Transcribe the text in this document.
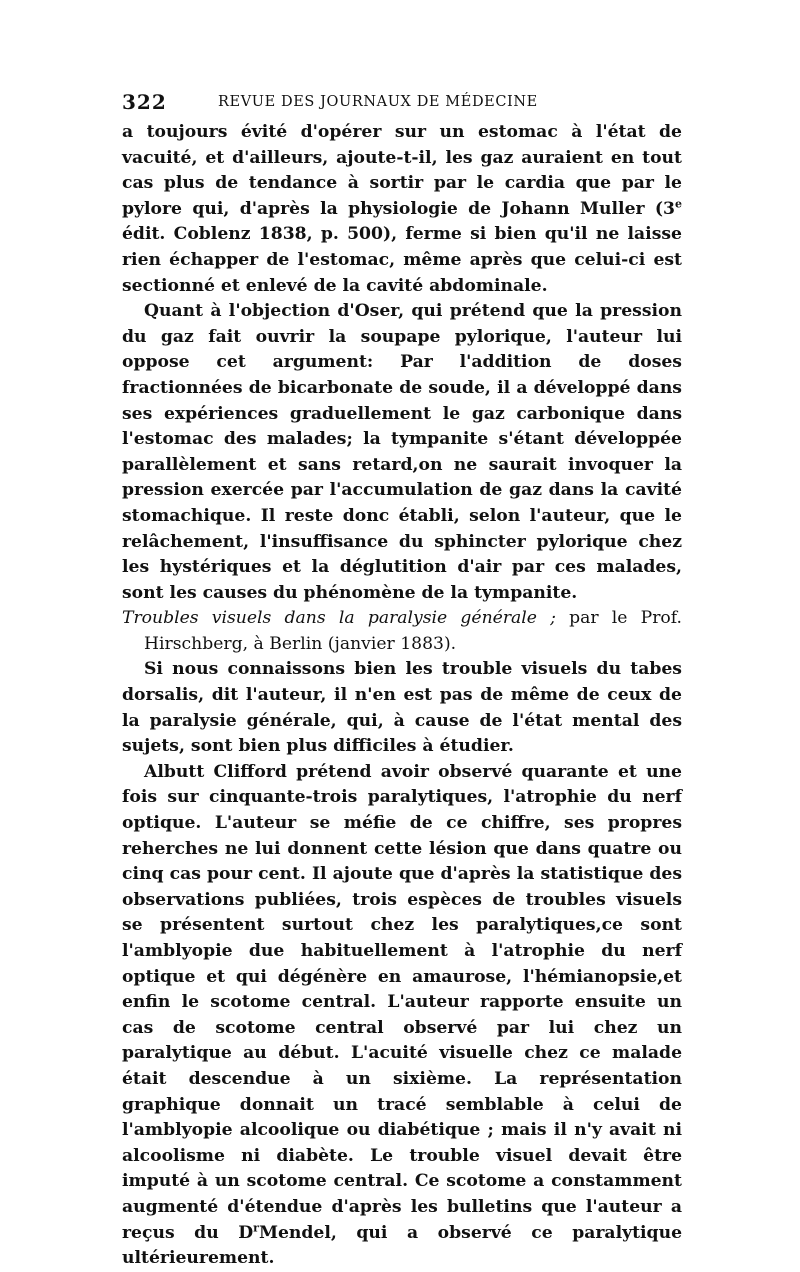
322	REVUE DES JOURNAUX DE MÉDECINE

a toujours évité d'opérer sur un estomac à l'état de vacuité, et d'ailleurs, ajoute-t-il, les gaz auraient en tout cas plus de tendance à sortir par le cardia que par le pylore qui, d'après la physiologie de Johann Muller (3e édit. Coblenz 1838, p. 500), ferme si bien qu'il ne laisse rien échapper de l'estomac, même après que celui-ci est sectionné et enlevé de la cavité abdominale.

Quant à l'objection d'Oser, qui prétend que la pression du gaz fait ouvrir la soupape pylorique, l'auteur lui oppose cet argument: Par l'addition de doses fractionnées de bicarbonate de soude, il a développé dans ses expériences graduellement le gaz carbonique dans l'estomac des malades; la tympanite s'étant développée parallèlement et sans retard,on ne saurait invoquer la pression exercée par l'accumulation de gaz dans la cavité stomachique. Il reste donc établi, selon l'auteur, que le relâchement, l'insuffisance du sphincter pylorique chez les hystériques et la déglutition d'air par ces malades, sont les causes du phénomène de la tympanite.

Troubles visuels dans la paralysie générale ; par le Prof. Hirschberg, à Berlin (janvier 1883).

Si nous connaissons bien les trouble visuels du tabes dorsalis, dit l'auteur, il n'en est pas de même de ceux de la paralysie générale, qui, à cause de l'état mental des sujets, sont bien plus difficiles à étudier.

Albutt Clifford prétend avoir observé quarante et une fois sur cinquante-trois paralytiques, l'atrophie du nerf optique. L'auteur se méfie de ce chiffre, ses propres reherches ne lui donnent cette lésion que dans quatre ou cinq cas pour cent. Il ajoute que d'après la statistique des observations publiées, trois espèces de troubles visuels se présentent surtout chez les paralytiques,ce sont l'amblyopie due habituellement à l'atrophie du nerf optique et qui dégénère en amaurose, l'hémianopsie,et enfin le scotome central. L'auteur rapporte ensuite un cas de scotome central observé par lui chez un paralytique au début. L'acuité visuelle chez ce malade était descendue à un sixième. La représentation graphique donnait un tracé semblable à celui de l'amblyopie alcoolique ou diabétique ; mais il n'y avait ni alcoolisme ni diabète. Le trouble visuel devait être imputé à un scotome central. Ce scotome a constamment augmenté d'étendue d'après les bulletins que l'auteur a reçus du $D^rMendel$, qui a observé ce paralytique ultérieurement.
